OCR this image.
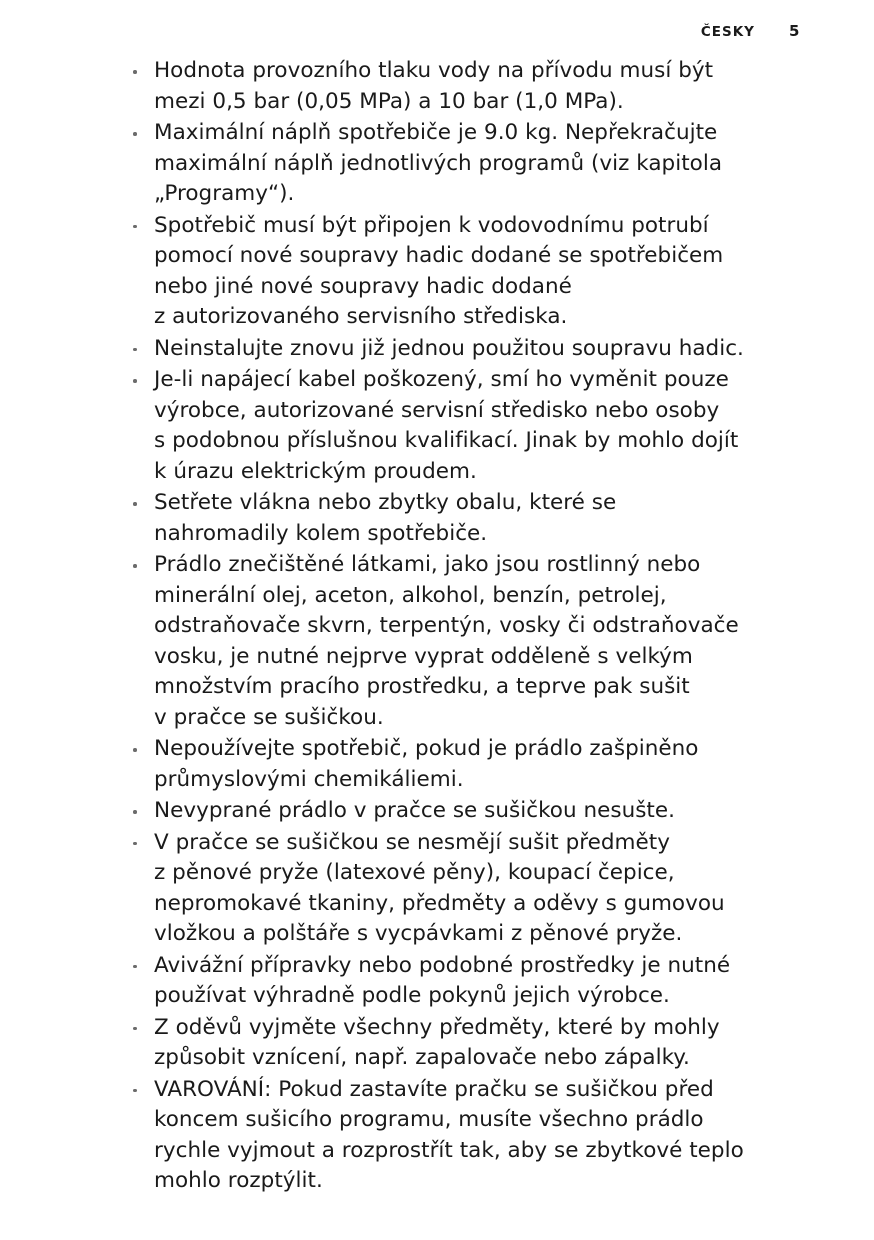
ČESKY 5
Hodnota provozního tlaku vody na přívodu musí být
mezi 0,5 bar (0,05 MPa) a 10 bar (1,0 MPa).
Maximální náplň spotřebiče je 9.0 kg. Nepřekračujte
maximální náplň jednotlivých programů (viz kapitola
„Programy“).
Spotřebič musí být připojen k vodovodnímu potrubí
pomocí nové soupravy hadic dodané se spotřebičem
nebo jiné nové soupravy hadic dodané
z autorizovaného servisního střediska.
Neinstalujte znovu již jednou použitou soupravu hadic.
Je-li napájecí kabel poškozený, smí ho vyměnit pouze
výrobce, autorizované servisní středisko nebo osoby
s podobnou příslušnou kvalifikací. Jinak by mohlo dojít
k úrazu elektrickým proudem.
Setřete vlákna nebo zbytky obalu, které se
nahromadily kolem spotřebiče.
Prádlo znečištěné látkami, jako jsou rostlinný nebo
minerální olej, aceton, alkohol, benzín, petrolej,
odstraňovače skvrn, terpentýn, vosky či odstraňovače
vosku, je nutné nejprve vyprat odděleně s velkým
množstvím pracího prostředku, a teprve pak sušit
v pračce se sušičkou.
Nepoužívejte spotřebič, pokud je prádlo zašpiněno
průmyslovými chemikáliemi.
Nevyprané prádlo v pračce se sušičkou nesušte.
V pračce se sušičkou se nesmějí sušit předměty
z pěnové pryže (latexové pěny), koupací čepice,
nepromokavé tkaniny, předměty a oděvy s gumovou
vložkou a polštáře s vycpávkami z pěnové pryže.
Avivážní přípravky nebo podobné prostředky je nutné
používat výhradně podle pokynů jejich výrobce.
Z oděvů vyjměte všechny předměty, které by mohly
způsobit vznícení, např. zapalovače nebo zápalky.
VAROVÁNÍ: Pokud zastavíte pračku se sušičkou před
koncem sušicího programu, musíte všechno prádlo
rychle vyjmout a rozprostřít tak, aby se zbytkové teplo
mohlo rozptýlit.
